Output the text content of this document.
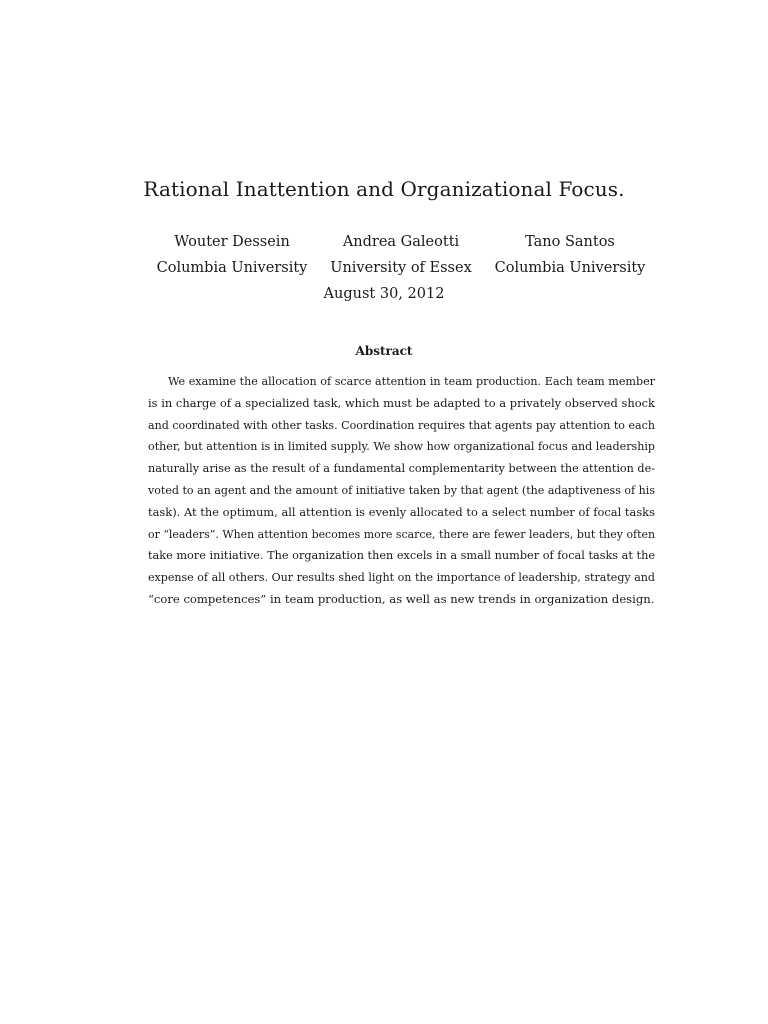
Rational Inattention and Organizational Focus.
Wouter Dessein
Columbia University
Andrea Galeotti
University of Essex
Tano Santos
Columbia University
August 30, 2012
Abstract
We examine the allocation of scarce attention in team production. Each team member
is in charge of a specialized task, which must be adapted to a privately observed shock
and coordinated with other tasks. Coordination requires that agents pay attention to each
other, but attention is in limited supply. We show how organizational focus and leadership
naturally arise as the result of a fundamental complementarity between the attention de-
voted to an agent and the amount of initiative taken by that agent (the adaptiveness of his
task). At the optimum, all attention is evenly allocated to a select number of focal tasks
or “leaders”. When attention becomes more scarce, there are fewer leaders, but they often
take more initiative. The organization then excels in a small number of focal tasks at the
expense of all others. Our results shed light on the importance of leadership, strategy and
“core competences” in team production, as well as new trends in organization design.
